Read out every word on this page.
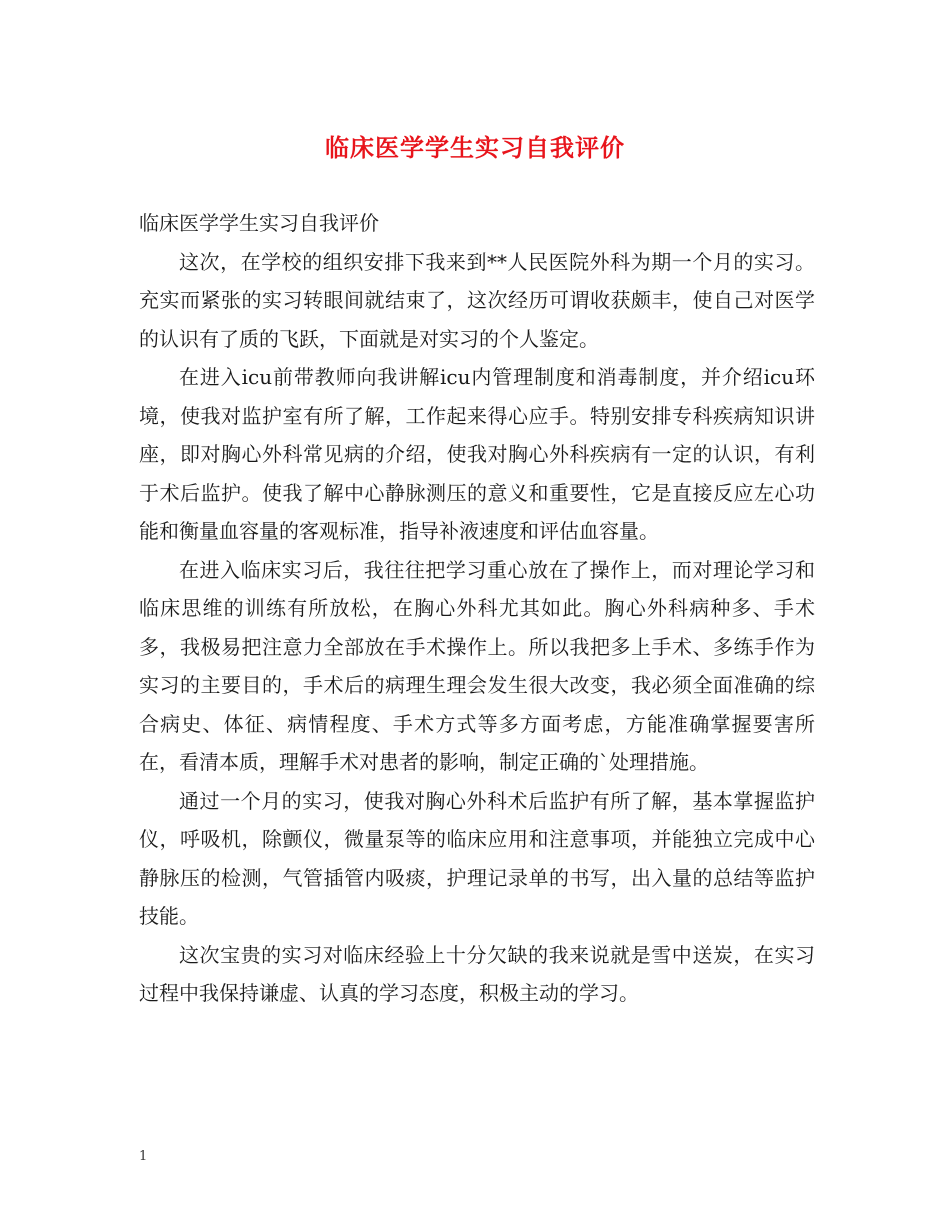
临床医学学生实习自我评价

临床医学学生实习自我评价

这次，在学校的组织安排下我来到**人民医院外科为期一个月的实习。充实而紧张的实习转眼间就结束了，这次经历可谓收获颇丰，使自己对医学的认识有了质的飞跃，下面就是对实习的个人鉴定。

在进入icu前带教师向我讲解icu内管理制度和消毒制度，并介绍icu环境，使我对监护室有所了解，工作起来得心应手。特别安排专科疾病知识讲座，即对胸心外科常见病的介绍，使我对胸心外科疾病有一定的认识，有利于术后监护。使我了解中心静脉测压的意义和重要性，它是直接反应左心功能和衡量血容量的客观标准，指导补液速度和评估血容量。

在进入临床实习后，我往往把学习重心放在了操作上，而对理论学习和临床思维的训练有所放松，在胸心外科尤其如此。胸心外科病种多、手术多，我极易把注意力全部放在手术操作上。所以我把多上手术、多练手作为实习的主要目的，手术后的病理生理会发生很大改变，我必须全面准确的综合病史、体征、病情程度、手术方式等多方面考虑，方能准确掌握要害所在，看清本质，理解手术对患者的影响，制定正确的`处理措施。

通过一个月的实习，使我对胸心外科术后监护有所了解，基本掌握监护仪，呼吸机，除颤仪，微量泵等的临床应用和注意事项，并能独立完成中心静脉压的检测，气管插管内吸痰，护理记录单的书写，出入量的总结等监护技能。

这次宝贵的实习对临床经验上十分欠缺的我来说就是雪中送炭，在实习过程中我保持谦虚、认真的学习态度，积极主动的学习。

1
